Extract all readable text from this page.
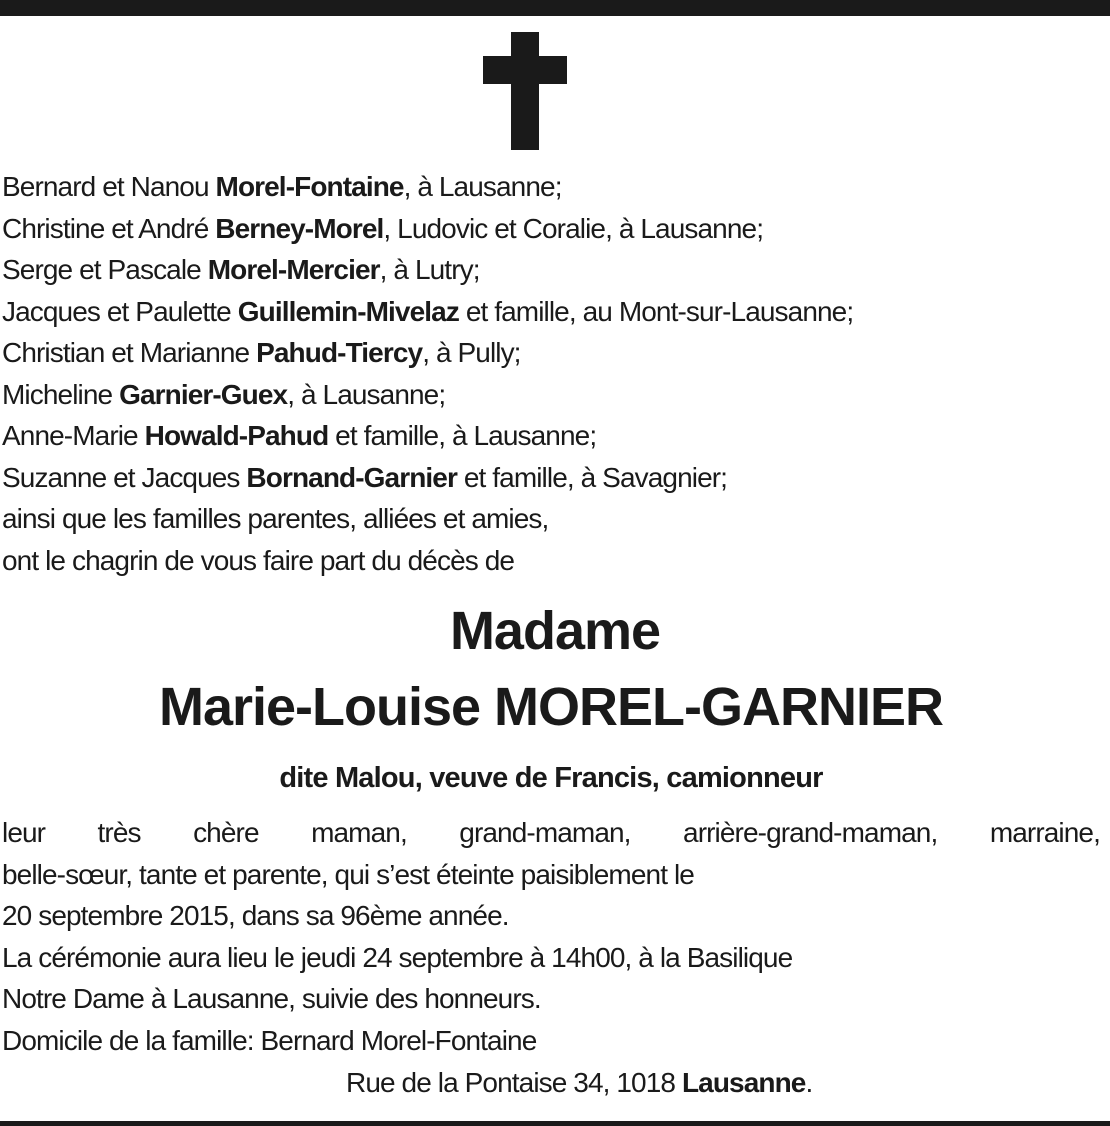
Bernard et Nanou Morel-Fontaine, à Lausanne;
Christine et André Berney-Morel, Ludovic et Coralie, à Lausanne;
Serge et Pascale Morel-Mercier, à Lutry;
Jacques et Paulette Guillemin-Mivelaz et famille, au Mont-sur-Lausanne;
Christian et Marianne Pahud-Tiercy, à Pully;
Micheline Garnier-Guex, à Lausanne;
Anne-Marie Howald-Pahud et famille, à Lausanne;
Suzanne et Jacques Bornand-Garnier et famille, à Savagnier;
ainsi que les familles parentes, alliées et amies,
ont le chagrin de vous faire part du décès de
Madame
Marie-Louise MOREL-GARNIER
dite Malou, veuve de Francis, camionneur
leur très chère maman, grand-maman, arrière-grand-maman, marraine,
belle-sœur, tante et parente, qui s’est éteinte paisiblement le
20 septembre 2015, dans sa 96ème année.
La cérémonie aura lieu le jeudi 24 septembre à 14h00, à la Basilique
Notre Dame à Lausanne, suivie des honneurs.
Domicile de la famille: Bernard Morel-Fontaine
Rue de la Pontaise 34, 1018 Lausanne.
